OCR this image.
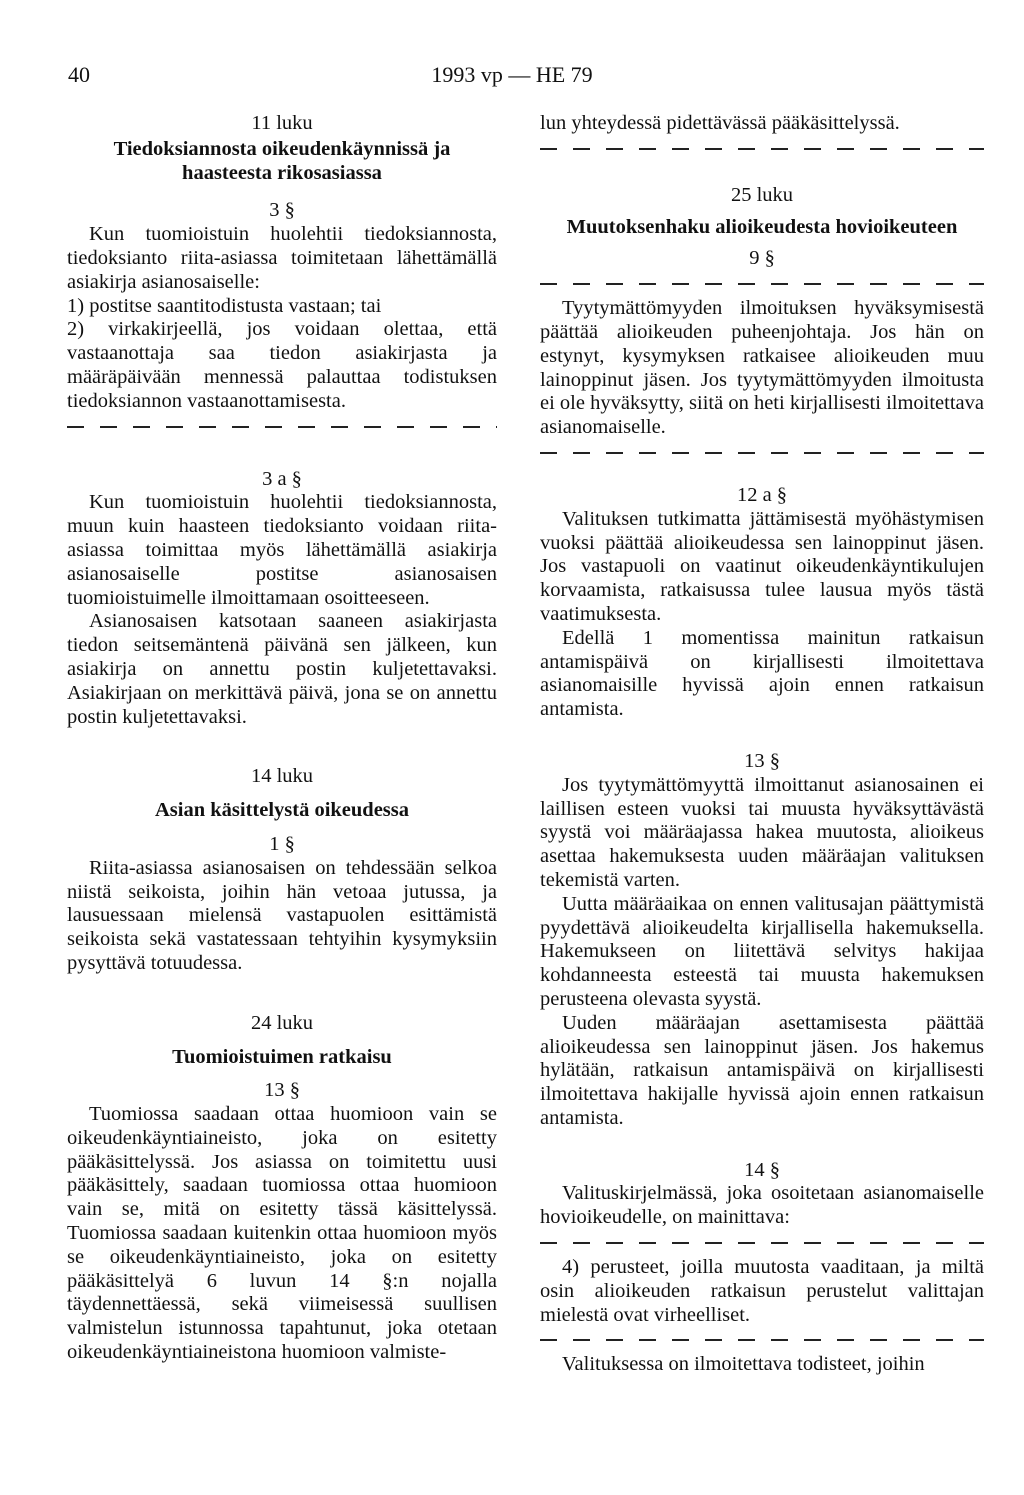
40	1993 vp — HE 79
11 luku
Tiedoksiannosta oikeudenkäynnissä ja haasteesta rikosasiassa
3 §

Kun tuomioistuin huolehtii tiedoksiannosta, tiedoksianto riita-asiassa toimitetaan lähettämällä asiakirja asianosaiselle:

1) postitse saantitodistusta vastaan; tai

2) virkakirjeellä, jos voidaan olettaa, että vastaanottaja saa tiedon asiakirjasta ja määräpäivään mennessä palauttaa todistuksen tiedoksiannon vastaanottamisesta.

3 a §

Kun tuomioistuin huolehtii tiedoksiannosta, muun kuin haasteen tiedoksianto voidaan riita-asiassa toimittaa myös lähettämällä asiakirja asianosaiselle postitse asianosaisen tuomioistuimelle ilmoittamaan osoitteeseen.

Asianosaisen katsotaan saaneen asiakirjasta tiedon seitsemäntenä päivänä sen jälkeen, kun asiakirja on annettu postin kuljetettavaksi. Asiakirjaan on merkittävä päivä, jona se on annettu postin kuljetettavaksi.

14 luku
Asian käsittelystä oikeudessa
1 §

Riita-asiassa asianosaisen on tehdessään selkoa niistä seikoista, joihin hän vetoaa jutussa, ja lausuessaan mielensä vastapuolen esittämistä seikoista sekä vastatessaan tehtyihin kysymyksiin pysyttävä totuudessa.

24 luku
Tuomioistuimen ratkaisu
13 §

Tuomiossa saadaan ottaa huomioon vain se oikeudenkäyntiaineisto, joka on esitetty pääkäsittelyssä. Jos asiassa on toimitettu uusi pääkäsittely, saadaan tuomiossa ottaa huomioon vain se, mitä on esitetty tässä käsittelyssä. Tuomiossa saadaan kuitenkin ottaa huomioon myös se oikeudenkäyntiaineisto, joka on esitetty pääkäsittelyä 6 luvun 14 §:n nojalla täydennettäessä, sekä viimeisessä suullisen valmistelun istunnossa tapahtunut, joka otetaan oikeudenkäyntiaineistona huomioon valmiste-

lun yhteydessä pidettävässä pääkäsittelyssä.

25 luku
Muutoksenhaku alioikeudesta hovioikeuteen
9 §

Tyytymättömyyden ilmoituksen hyväksymisestä päättää alioikeuden puheenjohtaja. Jos hän on estynyt, kysymyksen ratkaisee alioikeuden muu lainoppinut jäsen. Jos tyytymättömyyden ilmoitusta ei ole hyväksytty, siitä on heti kirjallisesti ilmoitettava asianomaiselle.

12 a §

Valituksen tutkimatta jättämisestä myöhästymisen vuoksi päättää alioikeudessa sen lainoppinut jäsen. Jos vastapuoli on vaatinut oikeudenkäyntikulujen korvaamista, ratkaisussa tulee lausua myös tästä vaatimuksesta.

Edellä 1 momentissa mainitun ratkaisun antamispäivä on kirjallisesti ilmoitettava asianomaisille hyvissä ajoin ennen ratkaisun antamista.

13 §

Jos tyytymättömyyttä ilmoittanut asianosainen ei laillisen esteen vuoksi tai muusta hyväksyttävästä syystä voi määräajassa hakea muutosta, alioikeus asettaa hakemuksesta uuden määräajan valituksen tekemistä varten.

Uutta määräaikaa on ennen valitusajan päättymistä pyydettävä alioikeudelta kirjallisella hakemuksella. Hakemukseen on liitettävä selvitys hakijaa kohdanneesta esteestä tai muusta hakemuksen perusteena olevasta syystä.

Uuden määräajan asettamisesta päättää alioikeudessa sen lainoppinut jäsen. Jos hakemus hylätään, ratkaisun antamispäivä on kirjallisesti ilmoitettava hakijalle hyvissä ajoin ennen ratkaisun antamista.

14 §

Valituskirjelmässä, joka osoitetaan asianomaiselle hovioikeudelle, on mainittava:

4) perusteet, joilla muutosta vaaditaan, ja miltä osin alioikeuden ratkaisun perustelut valittajan mielestä ovat virheelliset.

Valituksessa on ilmoitettava todisteet, joihin
